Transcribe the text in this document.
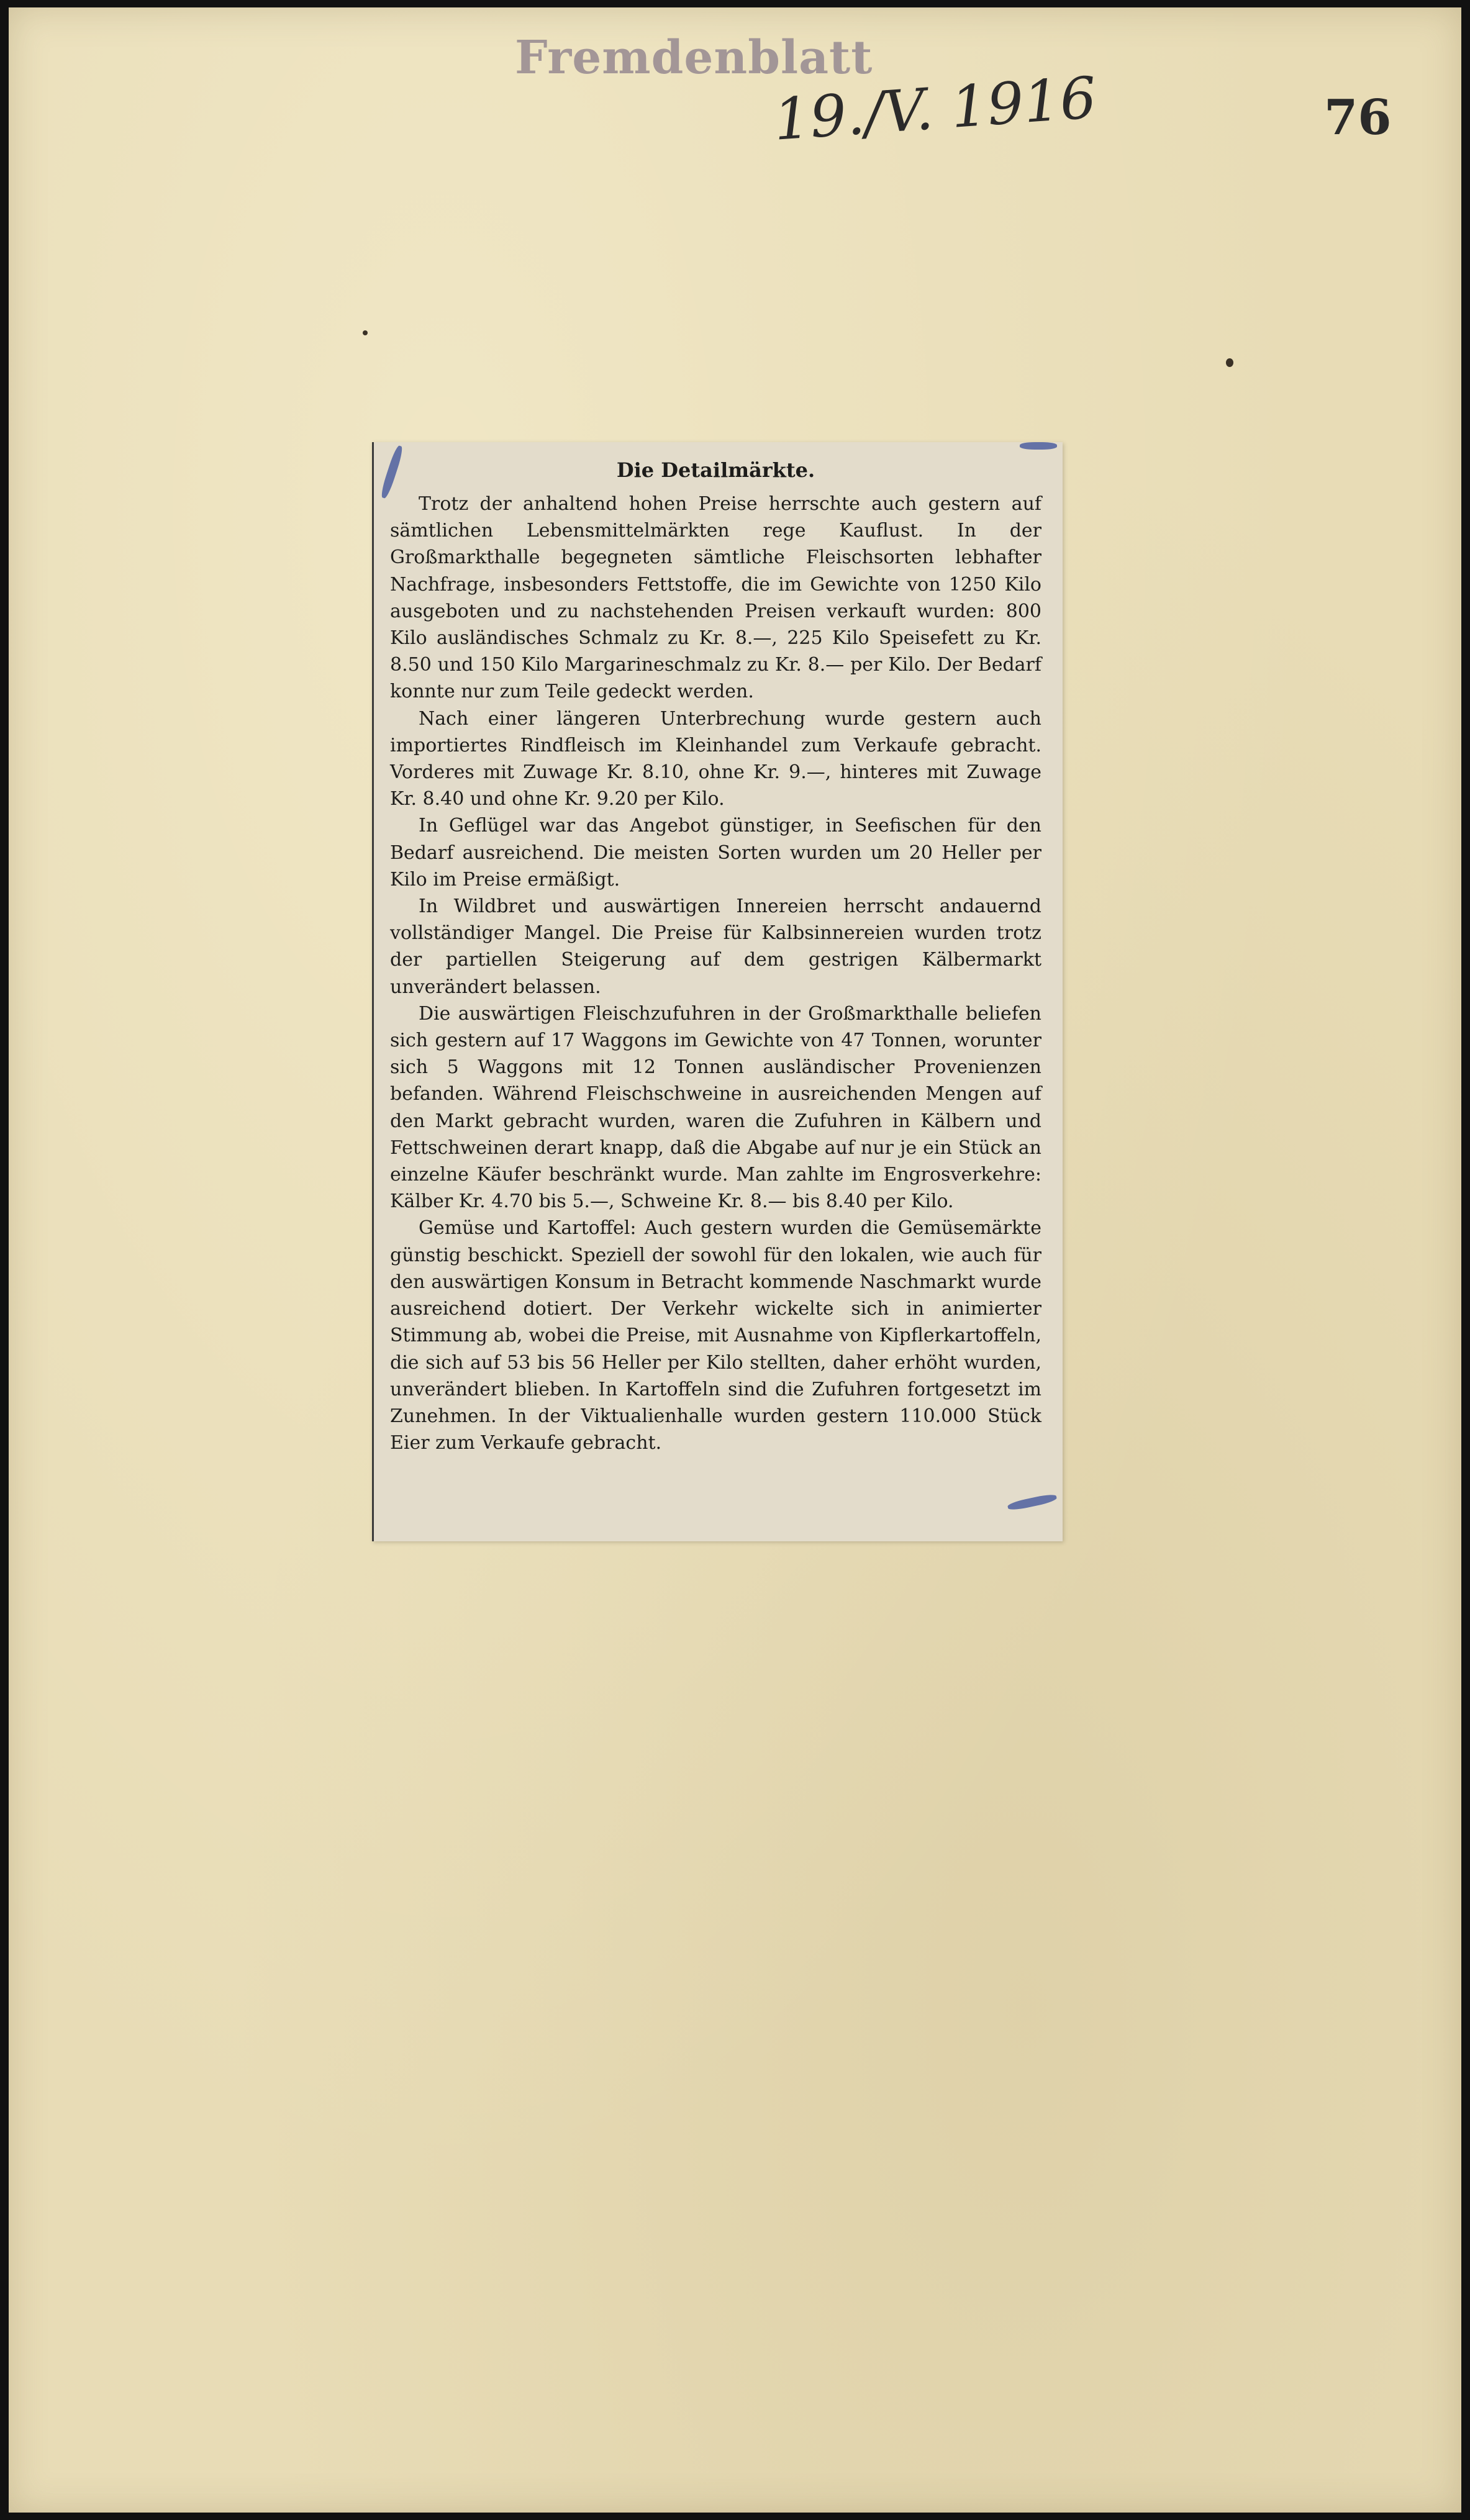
Fremdenblatt
19./V. 1916	76
Die Detailmärkte.

Trotz der anhaltend hohen Preise herrschte auch gestern auf sämtlichen Lebensmittelmärkten rege Kauflust. In der Großmarkthalle begegneten sämtliche Fleischsorten lebhafter Nachfrage, insbesonders Fettstoffe, die im Gewichte von 1250 Kilo ausgeboten und zu nachstehenden Preisen verkauft wurden: 800 Kilo ausländisches Schmalz zu Kr. 8.—, 225 Kilo Speisefett zu Kr. 8.50 und 150 Kilo Margarineschmalz zu Kr. 8.— per Kilo. Der Bedarf konnte nur zum Teile gedeckt werden.

Nach einer längeren Unterbrechung wurde gestern auch importiertes Rindfleisch im Kleinhandel zum Verkaufe gebracht. Vorderes mit Zuwage Kr. 8.10, ohne Kr. 9.—, hinteres mit Zuwage Kr. 8.40 und ohne Kr. 9.20 per Kilo.

In Geflügel war das Angebot günstiger, in Seefischen für den Bedarf ausreichend. Die meisten Sorten wurden um 20 Heller per Kilo im Preise ermäßigt.

In Wildbret und auswärtigen Innereien herrscht andauernd vollständiger Mangel. Die Preise für Kalbsinnereien wurden trotz der partiellen Steigerung auf dem gestrigen Kälbermarkt unverändert belassen.

Die auswärtigen Fleischzufuhren in der Großmarkthalle beliefen sich gestern auf 17 Waggons im Gewichte von 47 Tonnen, worunter sich 5 Waggons mit 12 Tonnen ausländischer Provenienzen befanden. Während Fleischschweine in ausreichenden Mengen auf den Markt gebracht wurden, waren die Zufuhren in Kälbern und Fettschweinen derart knapp, daß die Abgabe auf nur je ein Stück an einzelne Käufer beschränkt wurde. Man zahlte im Engrosverkehre: Kälber Kr. 4.70 bis 5.—, Schweine Kr. 8.— bis 8.40 per Kilo.

Gemüse und Kartoffel: Auch gestern wurden die Gemüsemärkte günstig beschickt. Speziell der sowohl für den lokalen, wie auch für den auswärtigen Konsum in Betracht kommende Naschmarkt wurde ausreichend dotiert. Der Verkehr wickelte sich in animierter Stimmung ab, wobei die Preise, mit Ausnahme von Kipflerkartoffeln, die sich auf 53 bis 56 Heller per Kilo stellten, daher erhöht wurden, unverändert blieben. In Kartoffeln sind die Zufuhren fortgesetzt im Zunehmen. In der Viktualienhalle wurden gestern 110.000 Stück Eier zum Verkaufe gebracht.
